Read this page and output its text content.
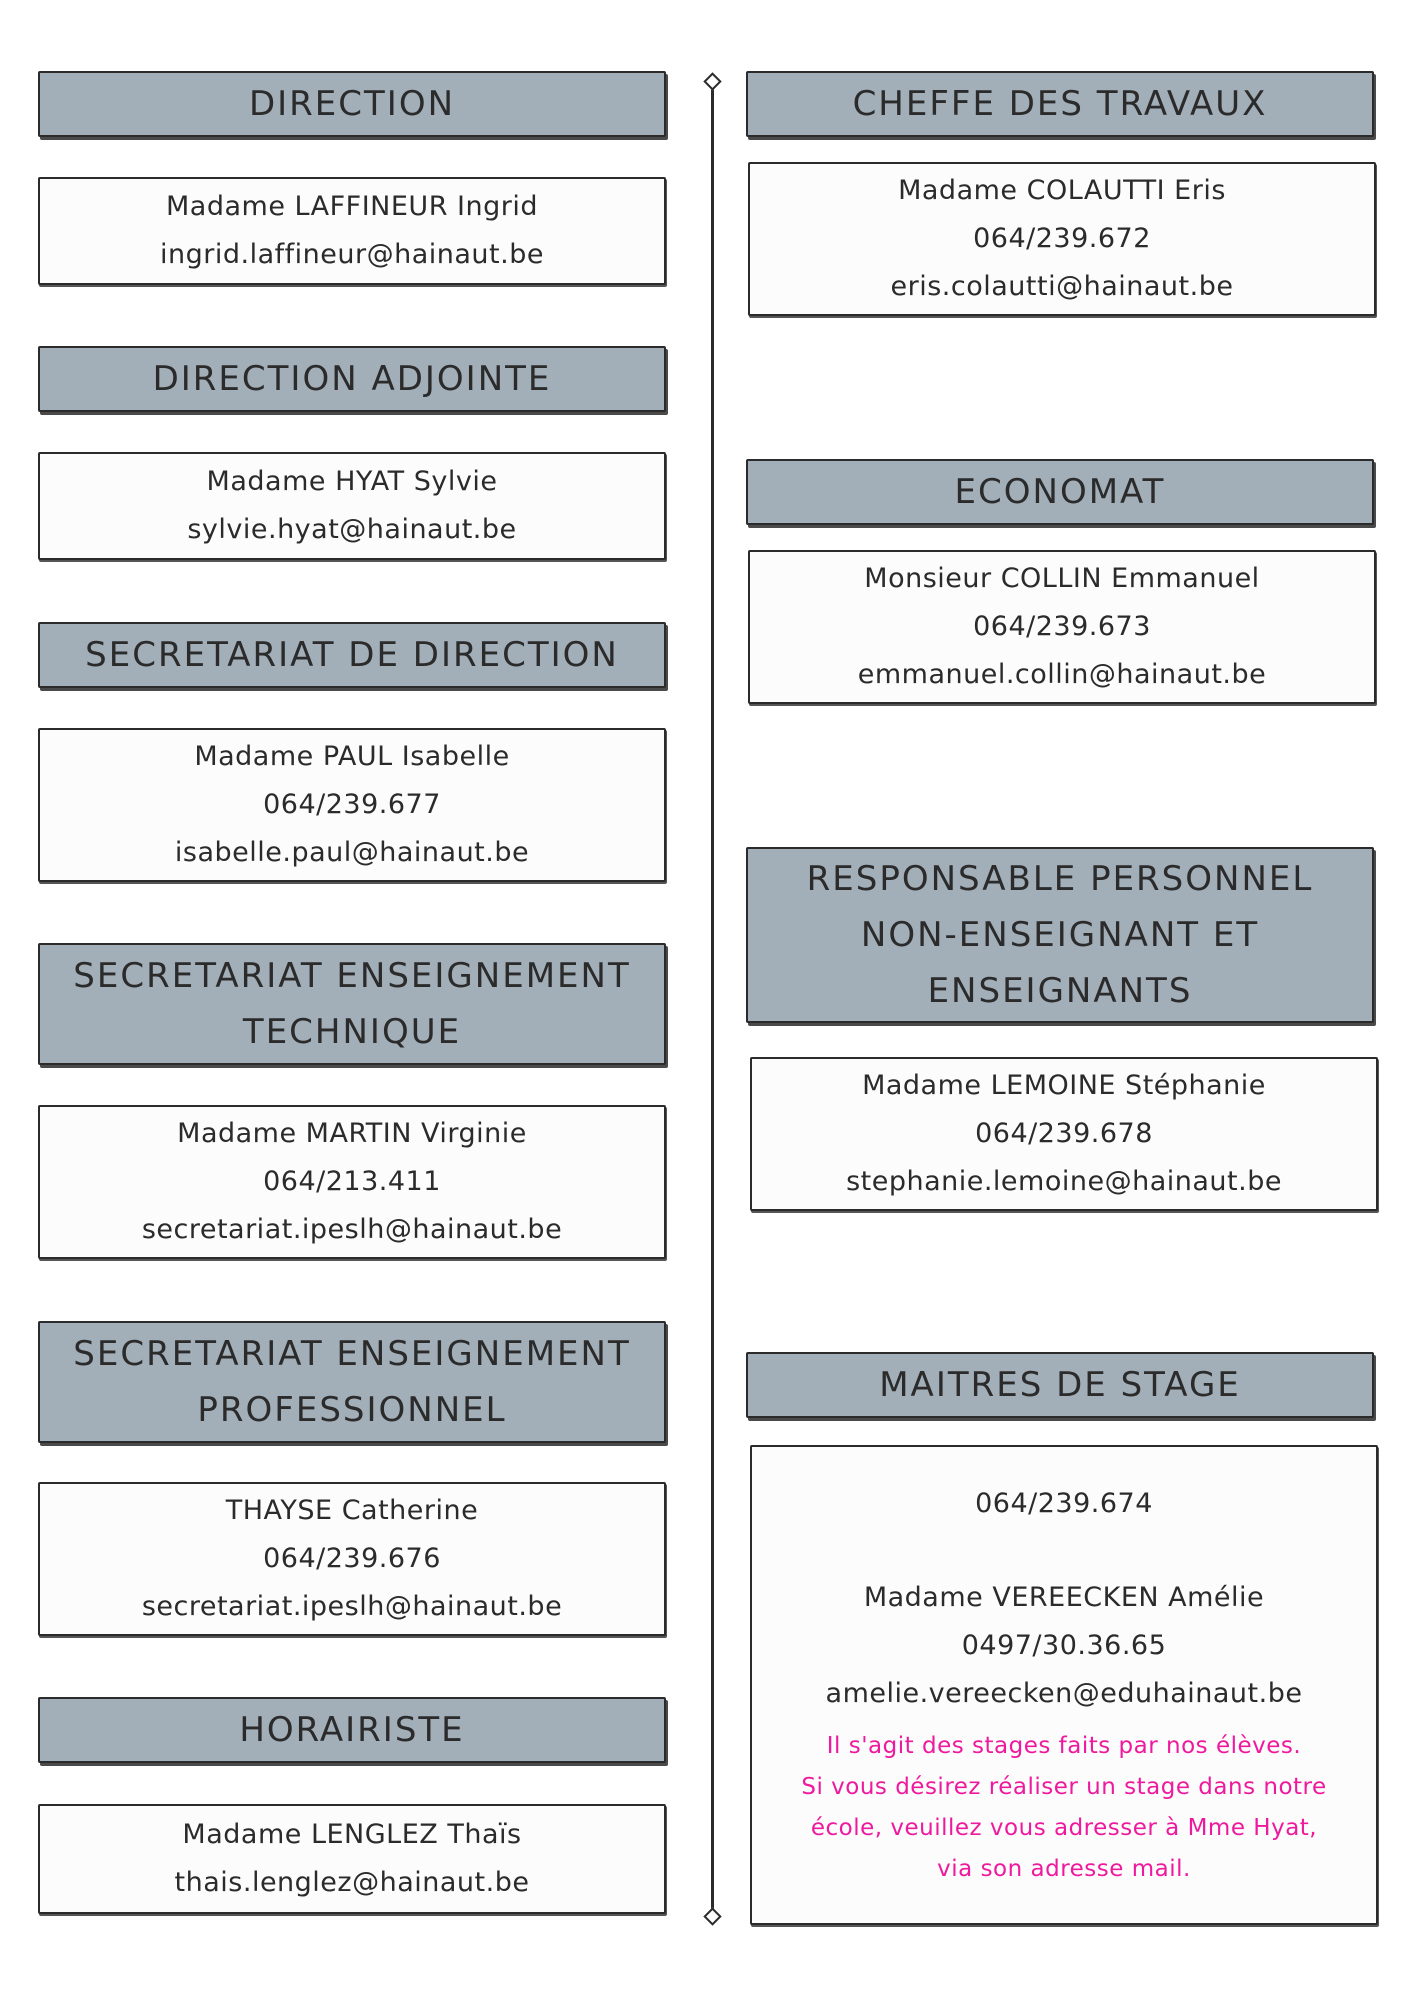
DIRECTION
Madame LAFFINEUR Ingrid
ingrid.laffineur@hainaut.be
DIRECTION ADJOINTE
Madame HYAT Sylvie
sylvie.hyat@hainaut.be
SECRETARIAT DE DIRECTION
Madame PAUL Isabelle
064/239.677
isabelle.paul@hainaut.be
SECRETARIAT ENSEIGNEMENT
TECHNIQUE
Madame MARTIN Virginie
064/213.411
secretariat.ipeslh@hainaut.be
SECRETARIAT ENSEIGNEMENT
PROFESSIONNEL
THAYSE Catherine
064/239.676
secretariat.ipeslh@hainaut.be
HORAIRISTE
Madame LENGLEZ Thaïs
thais.lenglez@hainaut.be
CHEFFE DES TRAVAUX
Madame COLAUTTI Eris
064/239.672
eris.colautti@hainaut.be
ECONOMAT
Monsieur COLLIN Emmanuel
064/239.673
emmanuel.collin@hainaut.be
RESPONSABLE PERSONNEL
NON-ENSEIGNANT ET
ENSEIGNANTS
Madame LEMOINE Stéphanie
064/239.678
stephanie.lemoine@hainaut.be
MAITRES DE STAGE
064/239.674
Madame VEREECKEN Amélie
0497/30.36.65
amelie.vereecken@eduhainaut.be
Il s'agit des stages faits par nos élèves.
Si vous désirez réaliser un stage dans notre
école, veuillez vous adresser à Mme Hyat,
via son adresse mail.
